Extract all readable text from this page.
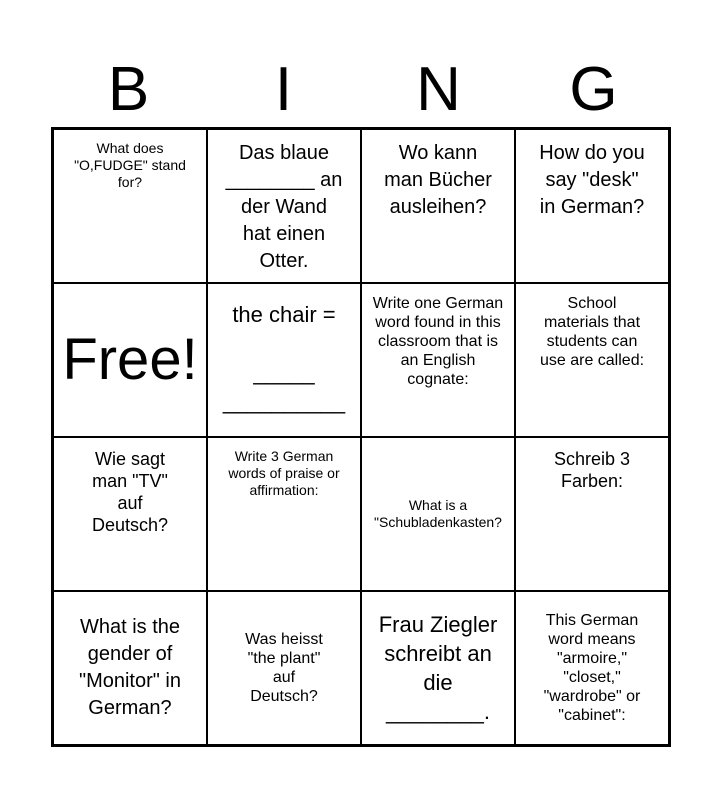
B	I	N	G
What does
"O,FUDGE" stand
for?
Das blaue
________ an
der Wand
hat einen
Otter.
Wo kann
man Bücher
ausleihen?
How do you
say "desk"
in German?
Free!
the chair =

_____
__________
Write one German
word found in this
classroom that is
an English
cognate:
School
materials that
students can
use are called:
Wie sagt
man "TV"
auf
Deutsch?
Write 3 German
words of praise or
affirmation:
What is a
"Schubladenkasten?
Schreib 3
Farben:
What is the
gender of
"Monitor" in
German?
Was heisst
"the plant"
auf
Deutsch?
Frau Ziegler
schreibt an
die
________.
This German
word means
"armoire,"
"closet,"
"wardrobe" or
"cabinet":
